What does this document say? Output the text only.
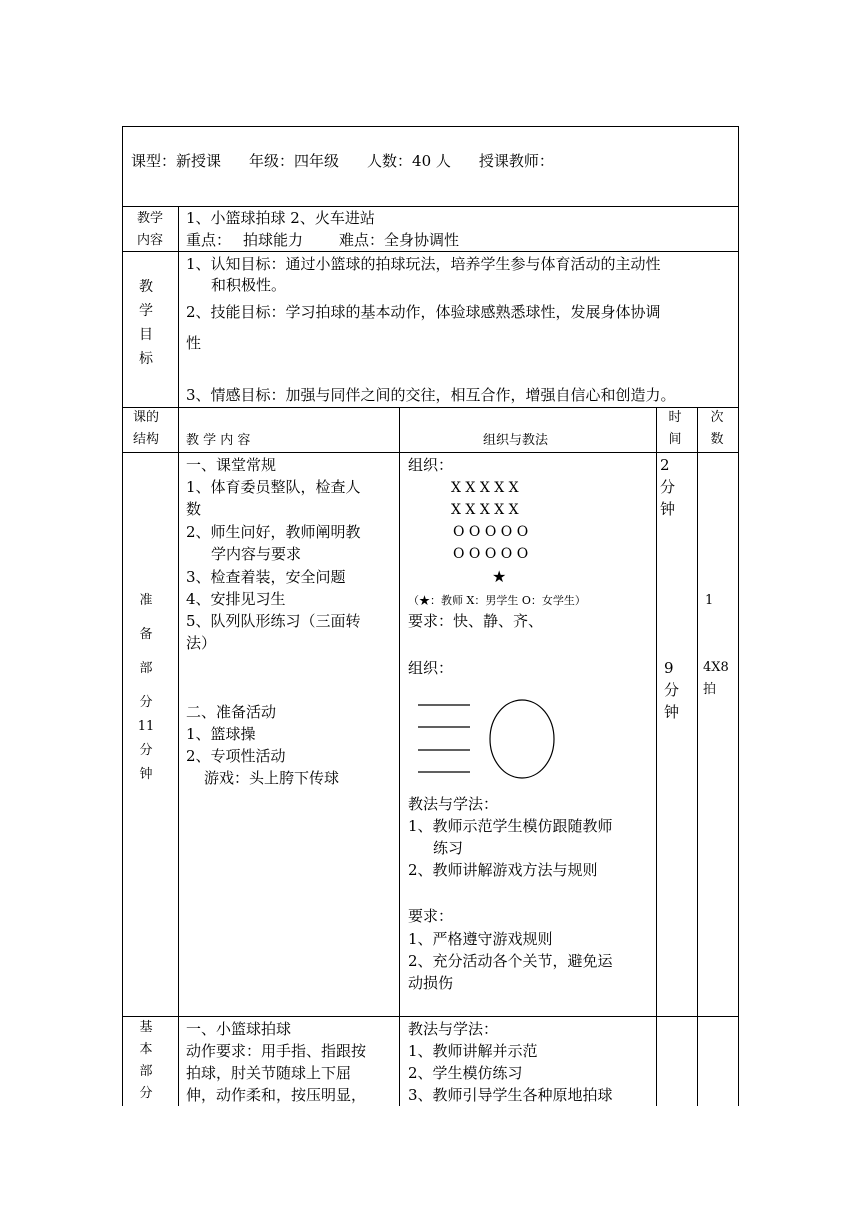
课型：新授课 年级：四年级 人数：40 人 授课教师：
教学
内容
1、小篮球拍球 2、火车进站
重点： 拍球能力 难点：全身协调性
教
学
目
标
1、认知目标：通过小篮球的拍球玩法，培养学生参与体育活动的主动性
和积极性。
2、技能目标：学习拍球的基本动作，体验球感熟悉球性，发展身体协调
性
3、情感目标：加强与同伴之间的交往，相互合作，增强自信心和创造力。
课的
结构 教 学 内 容	组织与教法
时
间
次
数
准
备
部
分
11
分
钟
一、课堂常规
1、体育委员整队，检查人
数
2、师生问好，教师阐明教
学内容与要求
3、检查着装，安全问题
4、安排见习生
5、队列队形练习（三面转
法）
二、准备活动
1、篮球操
2、专项性活动
游戏：头上胯下传球
组织：
X X X X X
X X X X X
O O O O O
O O O O O
★
（★：教师 X：男学生 O：女学生）
要求：快、静、齐、
组织：
教法与学法：
1、教师示范学生模仿跟随教师
练习
2、教师讲解游戏方法与规则
要求：
1、严格遵守游戏规则
2、充分活动各个关节，避免运
动损伤
2
分
钟
9
分
钟
1
4X8
拍
基
本
部
分
一、小篮球拍球
动作要求：用手指、指跟按
拍球，肘关节随球上下屈
伸，动作柔和，按压明显，
教法与学法：
1、教师讲解并示范
2、学生模仿练习
3、教师引导学生各种原地拍球
